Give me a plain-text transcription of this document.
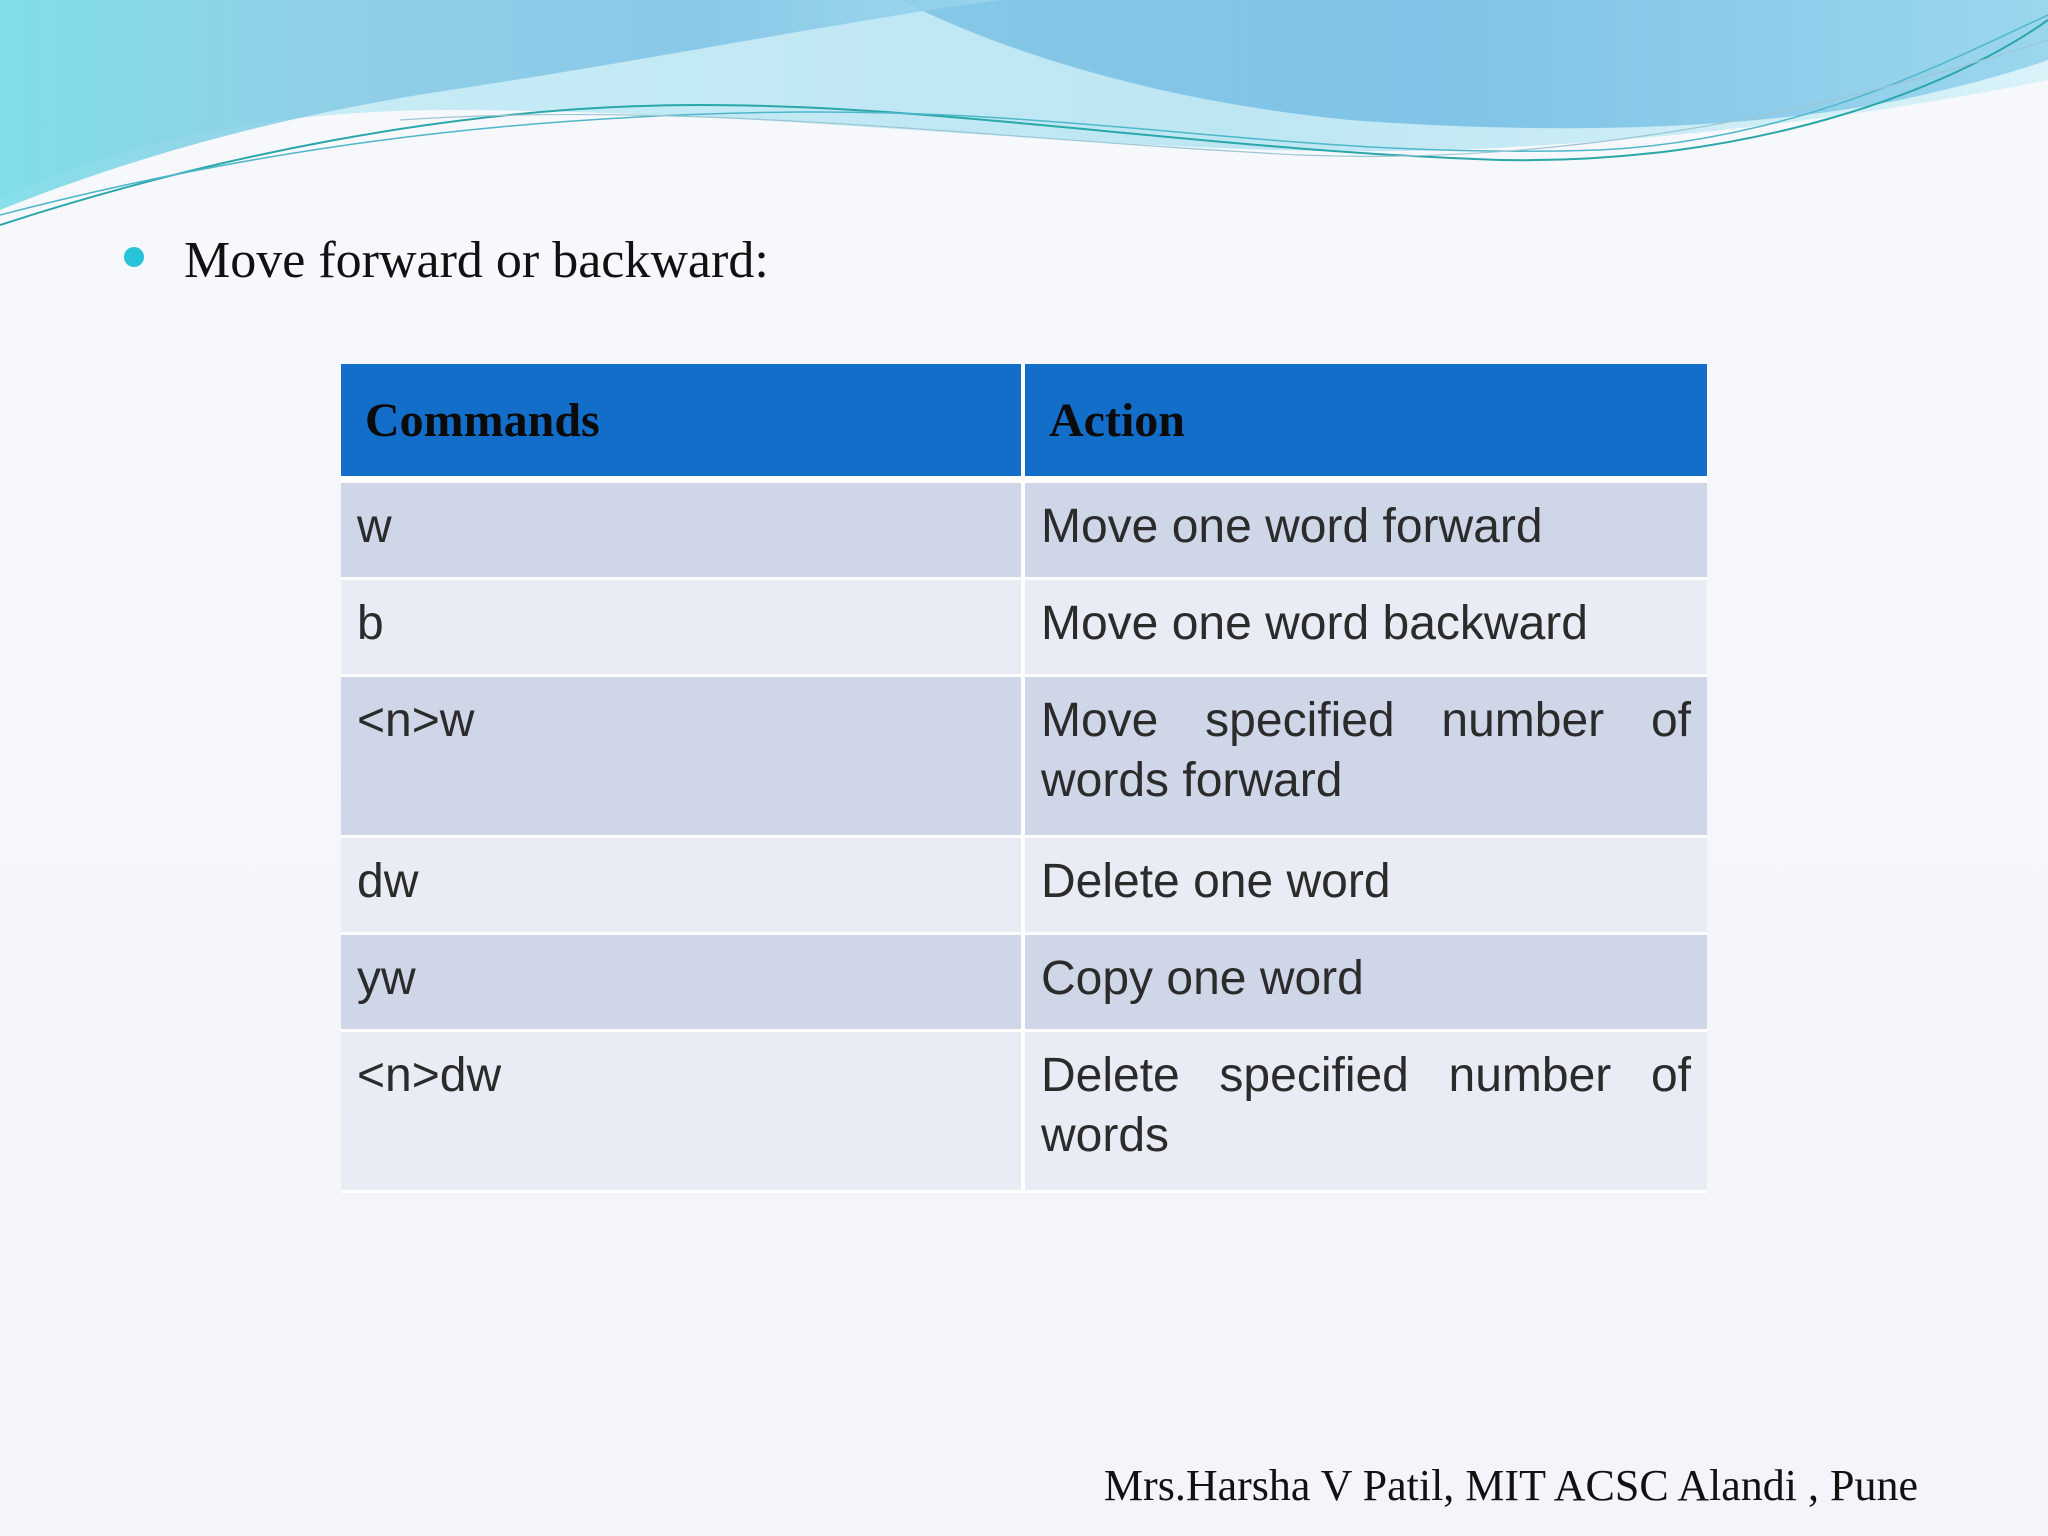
Move forward or backward:
Commands	Action
w	Move one word forward
b	Move one word backward
<n>w	Move specified number of words forward
dw	Delete one word
yw	Copy one word
<n>dw	Delete specified number of words
Mrs.Harsha V Patil, MIT ACSC Alandi , Pune
